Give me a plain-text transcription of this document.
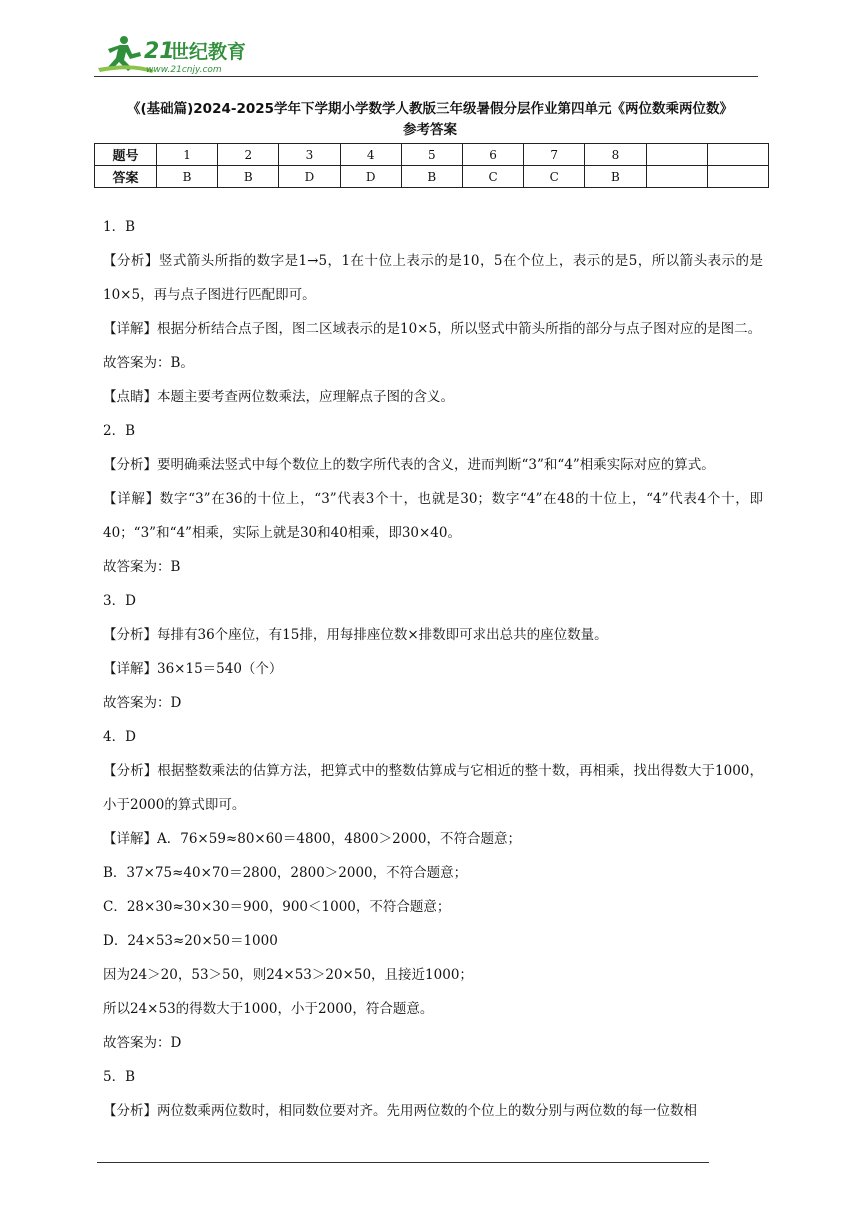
21
世纪教育
www.21cnjy.com
《(基础篇)2024-2025学年下学期小学数学人教版三年级暑假分层作业第四单元《两位数乘两位数》
参考答案
题号	1	2	3	4	5	6	7	8		
答案	B	B	D	D	B	C	C	B		

1．B

【分析】竖式箭头所指的数字是1→5，1在十位上表示的是10，5在个位上，表示的是5，所以箭头表示的是10×5，再与点子图进行匹配即可。

【详解】根据分析结合点子图，图二区域表示的是10×5，所以竖式中箭头所指的部分与点子图对应的是图二。

故答案为：B。

【点睛】本题主要考查两位数乘法，应理解点子图的含义。

2．B

【分析】要明确乘法竖式中每个数位上的数字所代表的含义，进而判断“3”和“4”相乘实际对应的算式。

【详解】数字“3”在36的十位上，“3”代表3个十，也就是30；数字“4”在48的十位上，“4”代表4个十，即40；“3”和“4”相乘，实际上就是30和40相乘，即30×40。

故答案为：B

3．D

【分析】每排有36个座位，有15排，用每排座位数×排数即可求出总共的座位数量。

【详解】36×15＝540（个）

故答案为：D

4．D

【分析】根据整数乘法的估算方法，把算式中的整数估算成与它相近的整十数，再相乘，找出得数大于1000，小于2000的算式即可。

【详解】A．76×59≈80×60＝4800，4800＞2000，不符合题意；

B．37×75≈40×70＝2800，2800＞2000，不符合题意；

C．28×30≈30×30＝900，900＜1000，不符合题意；

D．24×53≈20×50＝1000

因为24＞20，53＞50，则24×53＞20×50，且接近1000；

所以24×53的得数大于1000，小于2000，符合题意。

故答案为：D

5．B

【分析】两位数乘两位数时，相同数位要对齐。先用两位数的个位上的数分别与两位数的每一位数相
